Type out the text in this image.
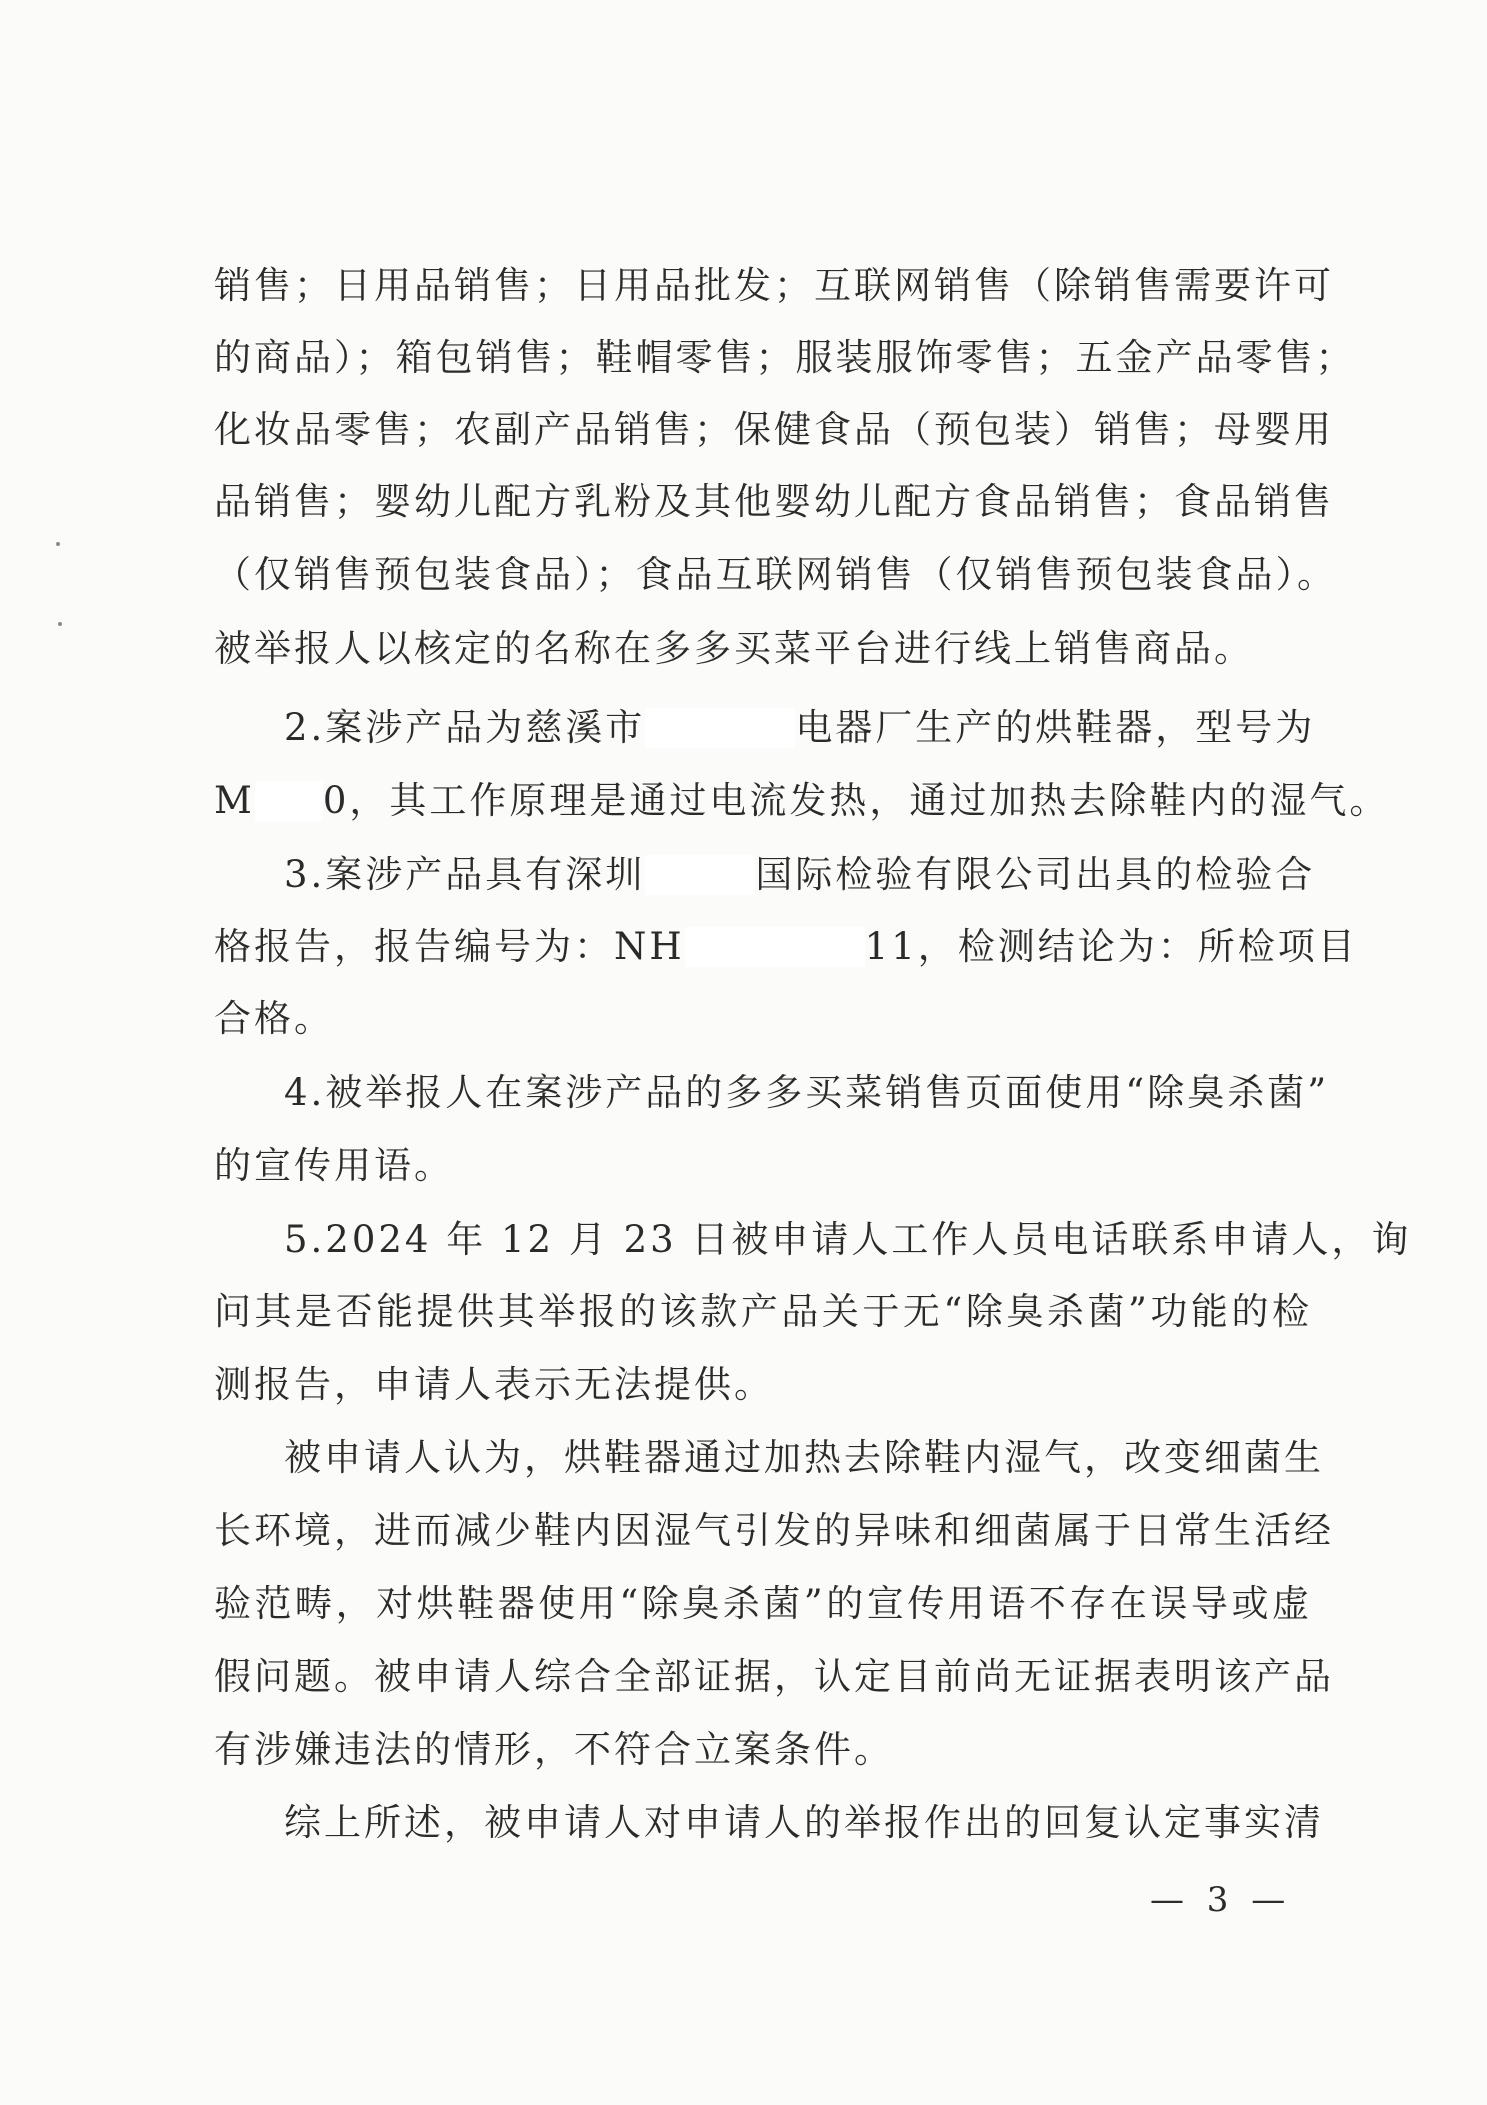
销售；日用品销售；日用品批发；互联网销售（除销售需要许可
的商品）；箱包销售；鞋帽零售；服装服饰零售；五金产品零售；
化妆品零售；农副产品销售；保健食品（预包装）销售；母婴用
品销售；婴幼儿配方乳粉及其他婴幼儿配方食品销售；食品销售
（仅销售预包装食品）；食品互联网销售（仅销售预包装食品）。
被举报人以核定的名称在多多买菜平台进行线上销售商品。
2.案涉产品为慈溪市	电器厂生产的烘鞋器，型号为
M 0，其工作原理是通过电流发热，通过加热去除鞋内的湿气。
3.案涉产品具有深圳	国际检验有限公司出具的检验合
格报告，报告编号为：NH	11，检测结论为：所检项目
合格。
4.被举报人在案涉产品的多多买菜销售页面使用“除臭杀菌”
的宣传用语。
5.2024 年 12 月 23 日被申请人工作人员电话联系申请人，询
问其是否能提供其举报的该款产品关于无“除臭杀菌”功能的检
测报告，申请人表示无法提供。
被申请人认为，烘鞋器通过加热去除鞋内湿气，改变细菌生
长环境，进而减少鞋内因湿气引发的异味和细菌属于日常生活经
验范畴，对烘鞋器使用“除臭杀菌”的宣传用语不存在误导或虚
假问题。被申请人综合全部证据，认定目前尚无证据表明该产品
有涉嫌违法的情形，不符合立案条件。
综上所述，被申请人对申请人的举报作出的回复认定事实清
— 3 —
